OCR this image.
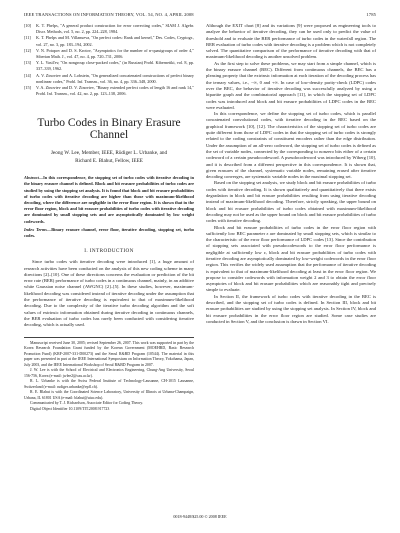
IEEE TRANSACTIONS ON INFORMATION THEORY, VOL. 54, NO. 4, APRIL 2008	1785
[10]	K. T. Phelps, "A general product construction for error correcting codes," SIAM J. Algebr. Discr. Methods, vol. 5, no. 2, pp. 224–228, 1984.
[11]	K. T. Phelps and M. Villanueva, "On perfect codes: Rank and kernel," Des. Codes, Cryptogr., vol. 27, no. 3, pp. 183–194, 2002.
[12]	V. N. Potapov and D. S. Krotov, "Asymptotics for the number of n-quasigroups of order 4," Siberian Math. J., vol. 47, no. 4, pp. 720–731, 2006.
[13]	Y. L. Vasil'ev, "On nongroup close-packed codes," (in Russian) Probl. Kibernetiki, vol. 8, pp. 337–339, 1962.
[14]	A. V. Zinoviev and A. Lobstein, "On generalized concatenated constructions of perfect binary nonlinear codes," Probl. Inf. Transm., vol. 36, no. 4, pp. 336–348, 2000.
[15]	V. A. Zinoviev and D. V. Zinoviev, "Binary extended perfect codes of length 16 and rank 14," Probl. Inf. Transm., vol. 42, no. 2, pp. 123–138, 2006.
Turbo Codes in Binary Erasure Channel
Jeong W. Lee, Member, IEEE, Rüdiger L. Urbanke, and
Richard E. Blahut, Fellow, IEEE
Abstract—In this correspondence, the stopping set of turbo codes with iterative decoding in the binary erasure channel is defined. Block and bit erasure probabilities of turbo codes are studied by using the stopping set analysis. It is found that block and bit erasure probabilities of turbo codes with iterative decoding are higher than those with maximum-likelihood decoding, where the difference are negligible in the error floor region. It is shown that in the error floor region, block and bit erasure probabilities of turbo codes with iterative decoding are dominated by small stopping sets and are asymptotically dominated by low weight codewords.
Index Terms—Binary erasure channel, error floor, iterative decoding, stopping set, turbo codes.
I. INTRODUCTION

Since turbo codes with iterative decoding were introduced [1], a huge amount of research activities have been conducted on the analysis of this new coding scheme in many directions [2]–[10]. One of these directions concerns the evaluation or prediction of the bit error rate (BER) performance of turbo codes in a continuous channel, mainly, in an additive white Gaussian noise channel (AWGNC) [2]–[5]. In these studies, however, maximum-likelihood decoding was considered instead of iterative decoding under the assumption that the performance of iterative decoding is equivalent to that of maximum-likelihood decoding. Due to the complexity of the iterative turbo decoding algorithm and the soft values of extrinsic information obtained during iterative decoding in continuous channels, the BER evaluation of turbo codes has rarely been conducted with considering iterative decoding, which is actually used.

Manuscript received June 30, 2005; revised September 26, 2007. This work was supported in part by the Korea Research Foundation Grant funded by the Korean Government (MOEHRD, Basic Research Promotion Fund) (KRF-2007-331-D00273) and the Seoul R&BD Program (10544). The material in this paper was presented in part at the IEEE International Symposium on Information Theory, Yokohama, Japan, July 2003, and the IEEE International Workshop of Seoul R&BD Program in 2007.

J. W. Lee is with the School of Electrical and Electronics Engineering, Chung-Ang University, Seoul 156-756, Korea (e-mail: jwlee2@cau.ac.kr).

R. L. Urbanke is with the Swiss Federal Institute of Technology-Lausanne, CH-1015 Lausanne, Switzerland (e-mail: rudiger.urbanke@epfl.ch).

R. E. Blahut is with the Coordinated Science Laboratory, University of Illinois at Urbana-Champaign, Urbana, IL 61801 USA (e-mail: blahut@uiuc.edu).

Communicated by T. J. Richardson, Associate Editor for Coding Theory.

Digital Object Identifier 10.1109/TIT.2008.917723

Although the EXIT chart [8] and its variations [9] were proposed as engineering tools to analyze the behavior of iterative decoding, they can be used only to predict the value of threshold and to evaluate the BER performance of turbo codes in the waterfall region. The BER evaluation of turbo codes with iterative decoding is a problem which is not completely solved. The quantitative comparison of the performance of iterative decoding with that of maximum-likelihood decoding is another unsolved problem.

As the first step to solve these problems, we may start from a simple channel, which is the binary erasure channel (BEC). Different from continuous channels, the BEC has a pleasing property that the extrinsic information at each iteration of the decoding process has the ternary values, i.e., −∞, 0 and +∞. In case of low-density parity-check (LDPC) codes over the BEC, the behavior of iterative decoding was successfully analyzed by using a bipartite graph and the combinatorial approach [11], in which the stopping set of LDPC codes was introduced and block and bit erasure probabilities of LDPC codes in the BEC were evaluated.

In this correspondence, we define the stopping set of turbo codes, which is parallel concatenated convolutional codes, with iterative decoding in the BEC based on the graphical framework [10], [12]. The characteristics of the stopping set of turbo codes are quite different from those of LDPC codes in that the stopping set of turbo codes is strongly related to the coding constraints of constituent encoders rather than the edge distribution. Under the assumption of an all-zero codeword, the stopping set of turbo codes is defined as the set of variable nodes, connected by the corresponding to nonzero bits either of a certain codeword of a certain pseudocodeword. A pseudocodeword was introduced by Wiberg [10], and it is described from a different perspective in this correspondence. It is shown that, given erasures of the channel, systematic variable nodes, remaining erased after iterative decoding converges, are systematic variable nodes in the maximal stopping set.

Based on the stopping set analysis, we study block and bit erasure probabilities of turbo codes with iterative decoding. It is shown qualitatively and quantitatively that there exists degradation in block and bit erasure probabilities resulting from using iterative decoding instead of maximum-likelihood decoding. Therefore, strictly speaking, the upper bound on block and bit erasure probabilities of turbo codes obtained with maximum-likelihood decoding may not be used as the upper bound on block and bit erasure probabilities of turbo codes with iterative decoding.

Block and bit erasure probabilities of turbo codes in the error floor region with sufficiently low BEC parameter ε are dominated by small stopping sets, which is similar to the characteristic of the error floor performance of LDPC codes [13]. Since the contribution of stopping sets associated with pseudocodewords to the error floor performance is negligible at sufficiently low ε, block and bit erasure probabilities of turbo codes with iterative decoding are asymptotically dominated by low-weight codewords in the error floor region. This verifies the widely used assumption that the performance of iterative decoding is equivalent to that of maximum-likelihood decoding at least in the error floor region. We propose to consider codewords with information weight 2 and 3 to obtain the error floor asymptotes of block and bit erasure probabilities which are reasonably tight and precisely simple to evaluate.

In Section II, the framework of turbo codes with iterative decoding in the BEC is described, and the stopping set of turbo codes is defined. In Section III, block and bit erasure probabilities are studied by using the stopping set analysis. In Section IV, block and bit erasure probabilities in the error floor region are studied. Some case studies are conducted in Section V, and the conclusion is drawn in Section VI.

0018-9448/$25.00 © 2008 IEEE
